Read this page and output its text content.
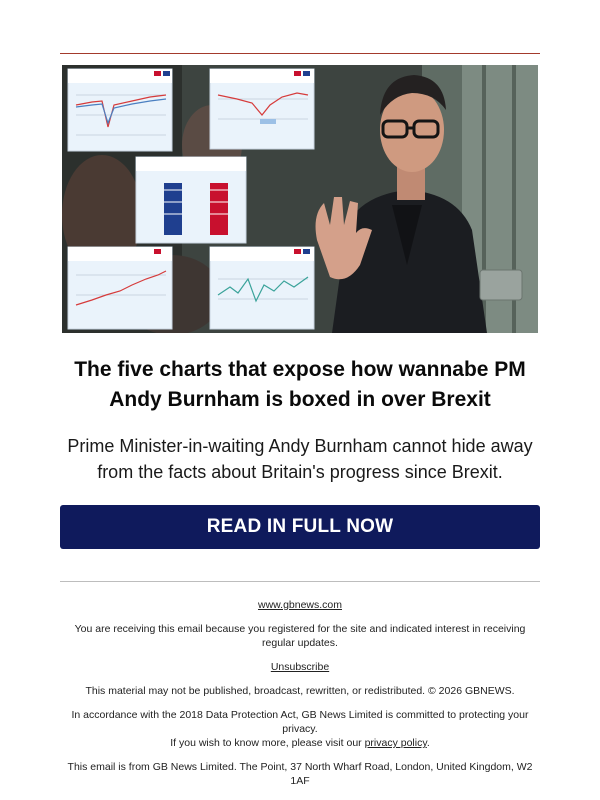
The five charts that expose how wannabe PM Andy Burnham is boxed in over Brexit
Prime Minister-in-waiting Andy Burnham cannot hide away from the facts about Britain's progress since Brexit.
READ IN FULL NOW

www.gbnews.com

You are receiving this email because you registered for the site and indicated interest in receiving regular updates.

Unsubscribe

This material may not be published, broadcast, rewritten, or redistributed. © 2026 GBNEWS.

In accordance with the 2018 Data Protection Act, GB News Limited is committed to protecting your privacy.
If you wish to know more, please visit our privacy policy.

This email is from GB News Limited. The Point, 37 North Wharf Road, London, United Kingdom, W2 1AF
